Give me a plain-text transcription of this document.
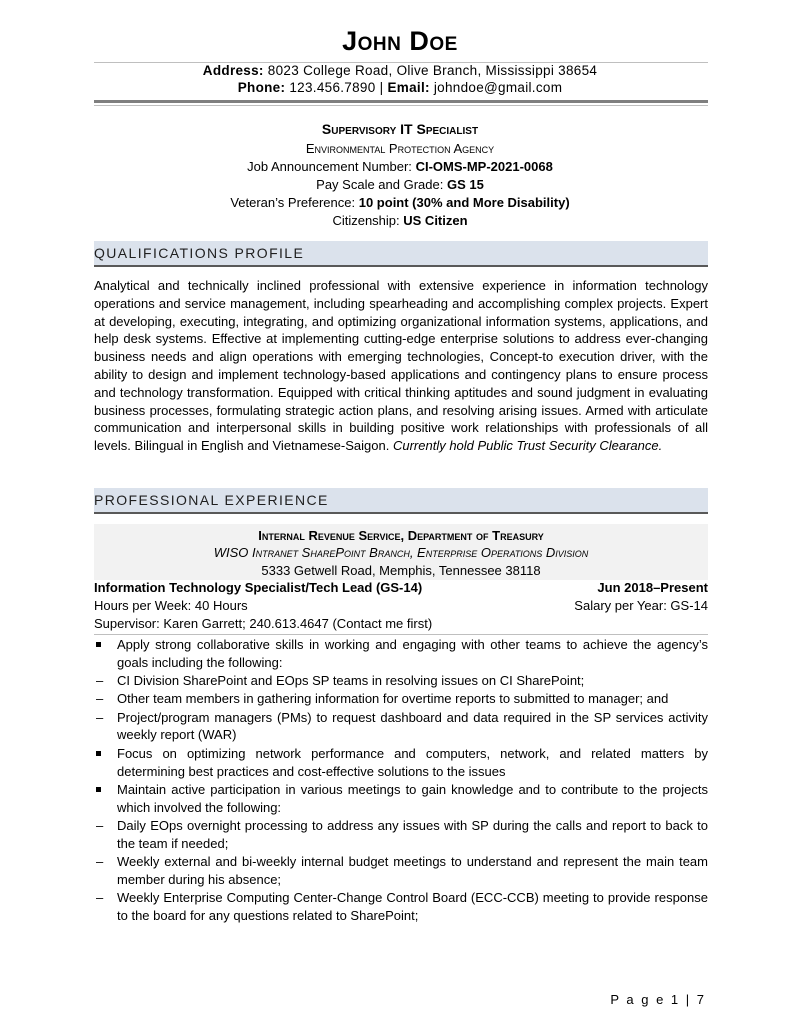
John Doe
Address: 8023 College Road, Olive Branch, Mississippi 38654
Phone: 123.456.7890 | Email: johndoe@gmail.com
Supervisory IT Specialist
Environmental Protection Agency
Job Announcement Number: CI-OMS-MP-2021-0068
Pay Scale and Grade: GS 15
Veteran’s Preference: 10 point (30% and More Disability)
Citizenship: US Citizen
QUALIFICATIONS PROFILE
Analytical and technically inclined professional with extensive experience in information technology operations and service management, including spearheading and accomplishing complex projects. Expert at developing, executing, integrating, and optimizing organizational information systems, applications, and help desk systems. Effective at implementing cutting-edge enterprise solutions to address ever-changing business needs and align operations with emerging technologies, Concept-to execution driver, with the ability to design and implement technology-based applications and contingency plans to ensure process and technology transformation. Equipped with critical thinking aptitudes and sound judgment in evaluating business processes, formulating strategic action plans, and resolving arising issues. Armed with articulate communication and interpersonal skills in building positive work relationships with professionals of all levels. Bilingual in English and Vietnamese-Saigon. Currently hold Public Trust Security Clearance.
PROFESSIONAL EXPERIENCE
Internal Revenue Service, Department of Treasury
WISO Intranet SharePoint Branch, Enterprise Operations Division
5333 Getwell Road, Memphis, Tennessee 38118
Information Technology Specialist/Tech Lead (GS-14)	Jun 2018–Present
Hours per Week: 40 Hours	Salary per Year: GS-14
Supervisor: Karen Garrett; 240.613.4647 (Contact me first)
Apply strong collaborative skills in working and engaging with other teams to achieve the agency’s goals including the following:
–	CI Division SharePoint and EOps SP teams in resolving issues on CI SharePoint;
–	Other team members in gathering information for overtime reports to submitted to manager; and
–	Project/program managers (PMs) to request dashboard and data required in the SP services activity weekly report (WAR)
Focus on optimizing network performance and computers, network, and related matters by determining best practices and cost-effective solutions to the issues
Maintain active participation in various meetings to gain knowledge and to contribute to the projects which involved the following:
–	Daily EOps overnight processing to address any issues with SP during the calls and report to back to the team if needed;
–	Weekly external and bi-weekly internal budget meetings to understand and represent the main team member during his absence;
–	Weekly Enterprise Computing Center-Change Control Board (ECC-CCB) meeting to provide response to the board for any questions related to SharePoint;
P a g e 1 | 7
